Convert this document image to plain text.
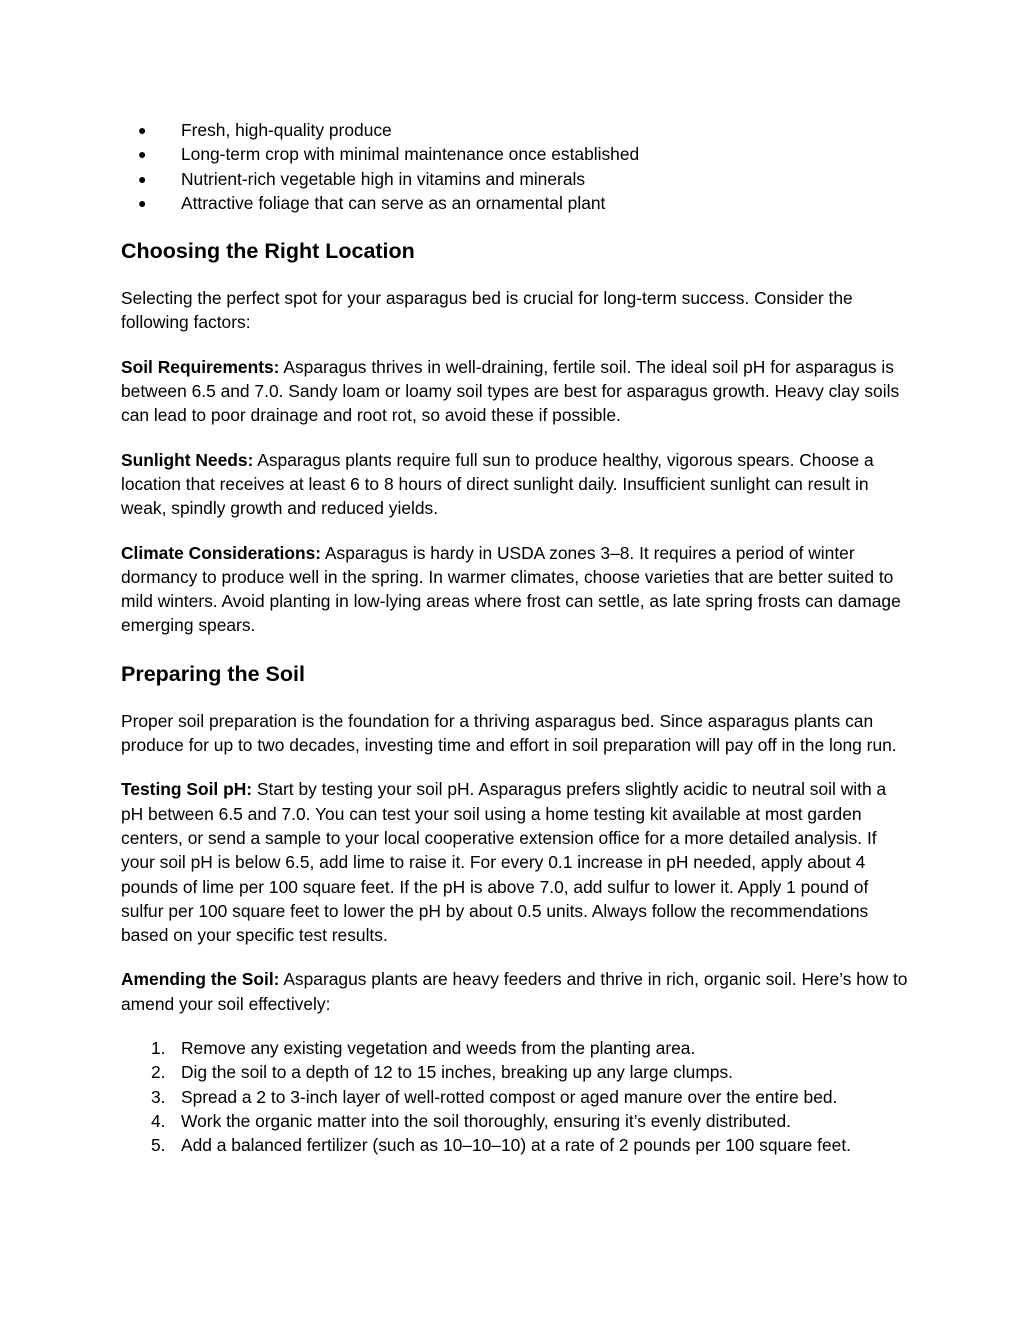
● Fresh, high-quality produce
● Long-term crop with minimal maintenance once established
● Nutrient-rich vegetable high in vitamins and minerals
● Attractive foliage that can serve as an ornamental plant
Choosing the Right Location

Selecting the perfect spot for your asparagus bed is crucial for long-term success. Consider the following factors:

Soil Requirements: Asparagus thrives in well-draining, fertile soil. The ideal soil pH for asparagus is between 6.5 and 7.0. Sandy loam or loamy soil types are best for asparagus growth. Heavy clay soils can lead to poor drainage and root rot, so avoid these if possible.

Sunlight Needs: Asparagus plants require full sun to produce healthy, vigorous spears. Choose a location that receives at least 6 to 8 hours of direct sunlight daily. Insufficient sunlight can result in weak, spindly growth and reduced yields.

Climate Considerations: Asparagus is hardy in USDA zones 3–8. It requires a period of winter dormancy to produce well in the spring. In warmer climates, choose varieties that are better suited to mild winters. Avoid planting in low-lying areas where frost can settle, as late spring frosts can damage emerging spears.

Preparing the Soil

Proper soil preparation is the foundation for a thriving asparagus bed. Since asparagus plants can produce for up to two decades, investing time and effort in soil preparation will pay off in the long run.

Testing Soil pH: Start by testing your soil pH. Asparagus prefers slightly acidic to neutral soil with a pH between 6.5 and 7.0. You can test your soil using a home testing kit available at most garden centers, or send a sample to your local cooperative extension office for a more detailed analysis. If your soil pH is below 6.5, add lime to raise it. For every 0.1 increase in pH needed, apply about 4 pounds of lime per 100 square feet. If the pH is above 7.0, add sulfur to lower it. Apply 1 pound of sulfur per 100 square feet to lower the pH by about 0.5 units. Always follow the recommendations based on your specific test results.

Amending the Soil: Asparagus plants are heavy feeders and thrive in rich, organic soil. Here’s how to amend your soil effectively:

1. Remove any existing vegetation and weeds from the planting area.
2. Dig the soil to a depth of 12 to 15 inches, breaking up any large clumps.
3. Spread a 2 to 3-inch layer of well-rotted compost or aged manure over the entire bed.
4. Work the organic matter into the soil thoroughly, ensuring it’s evenly distributed.
5. Add a balanced fertilizer (such as 10–10–10) at a rate of 2 pounds per 100 square feet.
